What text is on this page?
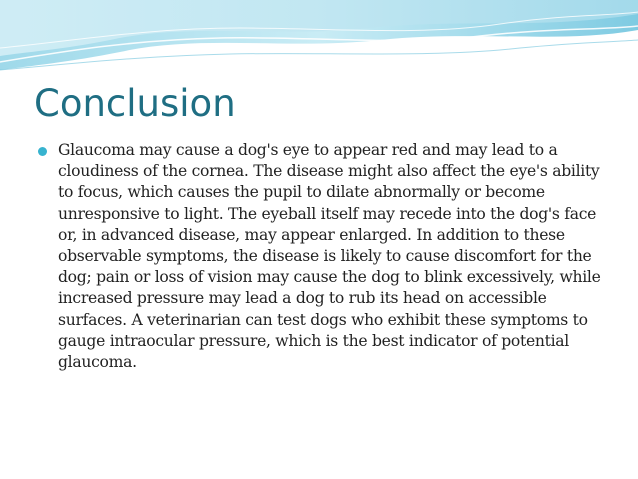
Conclusion
Glaucoma may cause a dog's eye to appear red and may lead to a cloudiness of the cornea. The disease might also affect the eye's ability to focus, which causes the pupil to dilate abnormally or become unresponsive to light. The eyeball itself may recede into the dog's face or, in advanced disease, may appear enlarged. In addition to these observable symptoms, the disease is likely to cause discomfort for the dog; pain or loss of vision may cause the dog to blink excessively, while increased pressure may lead a dog to rub its head on accessible surfaces. A veterinarian can test dogs who exhibit these symptoms to gauge intraocular pressure, which is the best indicator of potential glaucoma.
